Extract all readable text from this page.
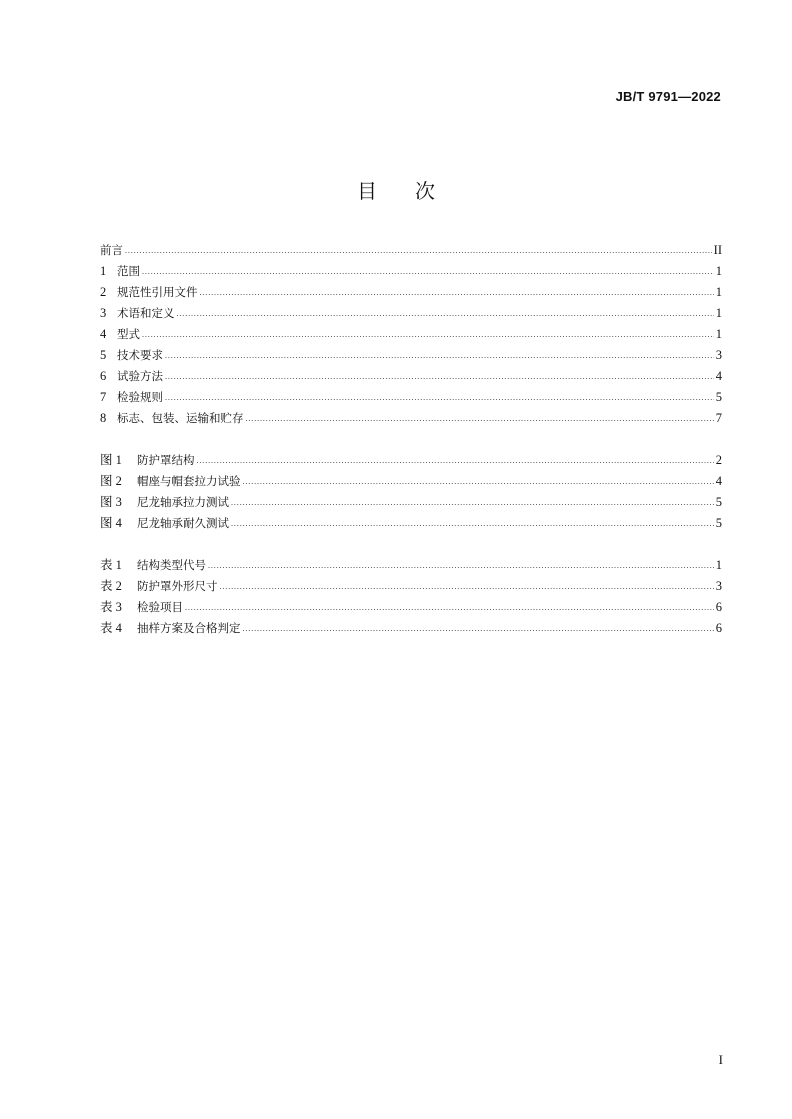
JB/T 9791—2022
目 次
前言 .....	II
1 范围 .....	1
2 规范性引用文件 .....	1
3 术语和定义 .....	1
4 型式 .....	1
5 技术要求 .....	3
6 试验方法 .....	4
7 检验规则 .....	5
8 标志、包装、运输和贮存 .....	7
图 1	防护罩结构 .....	2
图 2	帽座与帽套拉力试验 .....	4
图 3	尼龙轴承拉力测试 .....	5
图 4	尼龙轴承耐久测试 .....	5
表 1	结构类型代号 .....	1
表 2	防护罩外形尺寸 .....	3
表 3	检验项目 .....	6
表 4	抽样方案及合格判定 .....	6
I
